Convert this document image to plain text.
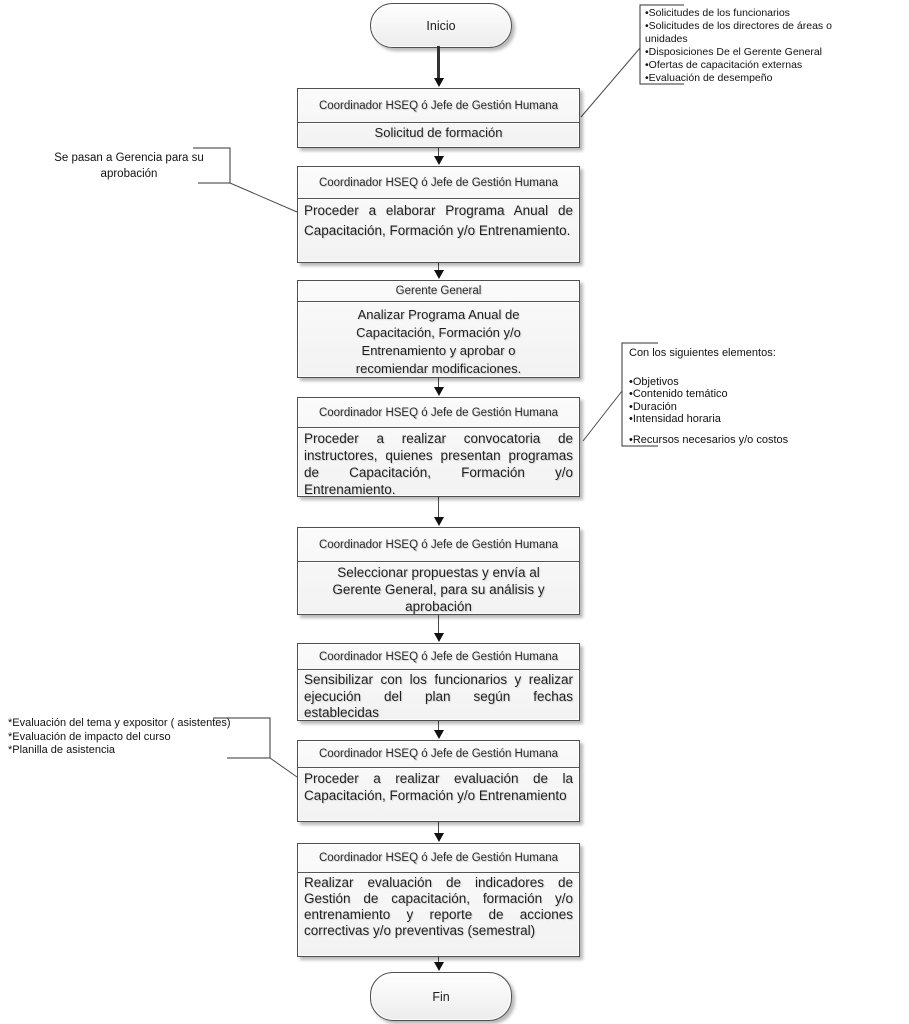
Inicio
Coordinador HSEQ ó Jefe de Gestión Humana
Solicitud de formación
Coordinador HSEQ ó Jefe de Gestión Humana
Proceder a elaborar Programa Anual de Capacitación, Formación y/o Entrenamiento.
Gerente General
Analizar Programa Anual de Capacitación, Formación y/o Entrenamiento y aprobar o recomiendar modificaciones.
Coordinador HSEQ ó Jefe de Gestión Humana
Proceder a realizar convocatoria de instructores, quienes presentan programas de Capacitación, Formación y/o Entrenamiento.
Coordinador HSEQ ó Jefe de Gestión Humana
Seleccionar propuestas y envía al Gerente General, para su análisis y aprobación
Coordinador HSEQ ó Jefe de Gestión Humana
Sensibilizar con los funcionarios y realizar ejecución del plan según fechas establecidas
Coordinador HSEQ ó Jefe de Gestión Humana
Proceder a realizar evaluación de la Capacitación, Formación y/o Entrenamiento
Coordinador HSEQ ó Jefe de Gestión Humana
Realizar evaluación de indicadores de Gestión de capacitación, formación y/o entrenamiento y reporte de acciones correctivas y/o preventivas (semestral)
Fin
•Solicitudes de los funcionarios
•Solicitudes de los directores de áreas o unidades
•Disposiciones De el Gerente General
•Ofertas de capacitación externas
•Evaluación de desempeño
Se pasan a Gerencia para su aprobación
Con los siguientes elementos:
•Objetivos
•Contenido temático
•Duración
•Intensidad horaria
•Recursos necesarios y/o costos
*Evaluación del tema y expositor ( asistentes)
*Evaluación de impacto del curso
*Planilla de asistencia
